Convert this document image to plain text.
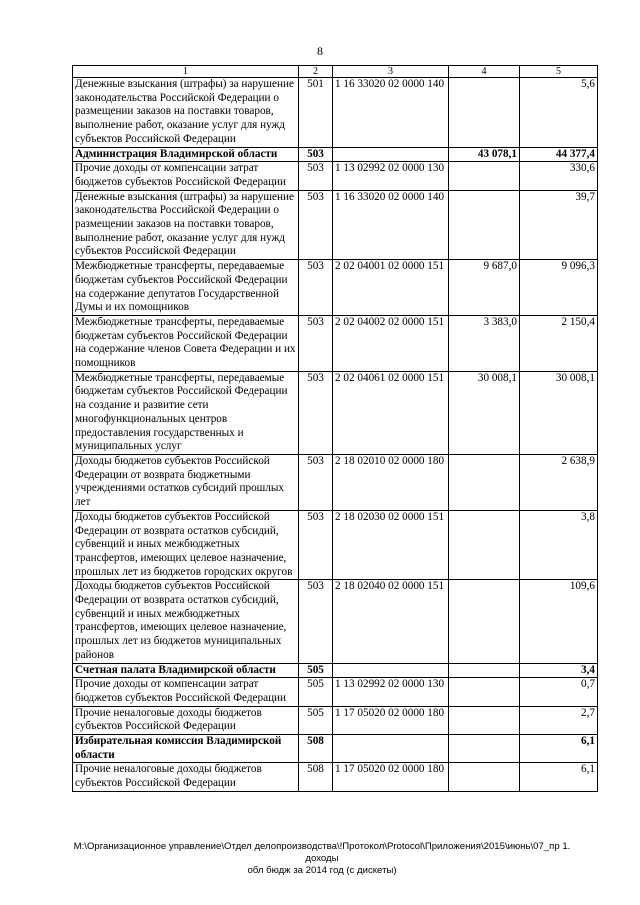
8
1	2	3	4	5
Денежные взыскания (штрафы) за нарушение законодательства Российской Федерации о размещении заказов на поставки товаров, выполнение работ, оказание услуг для нужд субъектов Российской Федерации	501	1 16 33020 02 0000 140		5,6
Администрация Владимирской области	503		43 078,1	44 377,4
Прочие доходы от компенсации затрат бюджетов субъектов Российской Федерации	503	1 13 02992 02 0000 130		330,6
Денежные взыскания (штрафы) за нарушение законодательства Российской Федерации о размещении заказов на поставки товаров, выполнение работ, оказание услуг для нужд субъектов Российской Федерации	503	1 16 33020 02 0000 140		39,7
Межбюджетные трансферты, передаваемые бюджетам субъектов Российской Федерации на содержание депутатов Государственной Думы и их помощников	503	2 02 04001 02 0000 151	9 687,0	9 096,3
Межбюджетные трансферты, передаваемые бюджетам субъектов Российской Федерации на содержание членов Совета Федерации и их помощников	503	2 02 04002 02 0000 151	3 383,0	2 150,4
Межбюджетные трансферты, передаваемые бюджетам субъектов Российской Федерации на создание и развитие сети многофункциональных центров предоставления государственных и муниципальных услуг	503	2 02 04061 02 0000 151	30 008,1	30 008,1
Доходы бюджетов субъектов Российской Федерации от возврата бюджетными учреждениями остатков субсидий прошлых лет	503	2 18 02010 02 0000 180		2 638,9
Доходы бюджетов субъектов Российской Федерации от возврата остатков субсидий, субвенций и иных межбюджетных трансфертов, имеющих целевое назначение, прошлых лет из бюджетов городских округов	503	2 18 02030 02 0000 151		3,8
Доходы бюджетов субъектов Российской Федерации от возврата остатков субсидий, субвенций и иных межбюджетных трансфертов, имеющих целевое назначение, прошлых лет из бюджетов муниципальных районов	503	2 18 02040 02 0000 151		109,6
Счетная палата Владимирской области	505			3,4
Прочие доходы от компенсации затрат бюджетов субъектов Российской Федерации	505	1 13 02992 02 0000 130		0,7
Прочие неналоговые доходы бюджетов субъектов Российской Федерации	505	1 17 05020 02 0000 180		2,7
Избирательная комиссия Владимирской области	508			6,1
Прочие неналоговые доходы бюджетов субъектов Российской Федерации	508	1 17 05020 02 0000 180		6,1
M:\Организационное управление\Отдел делопроизводства\!Протокол\Protocol\Приложения\2015\июнь\07_пр 1. доходы
обл бюдж за 2014 год (с дискеты)
